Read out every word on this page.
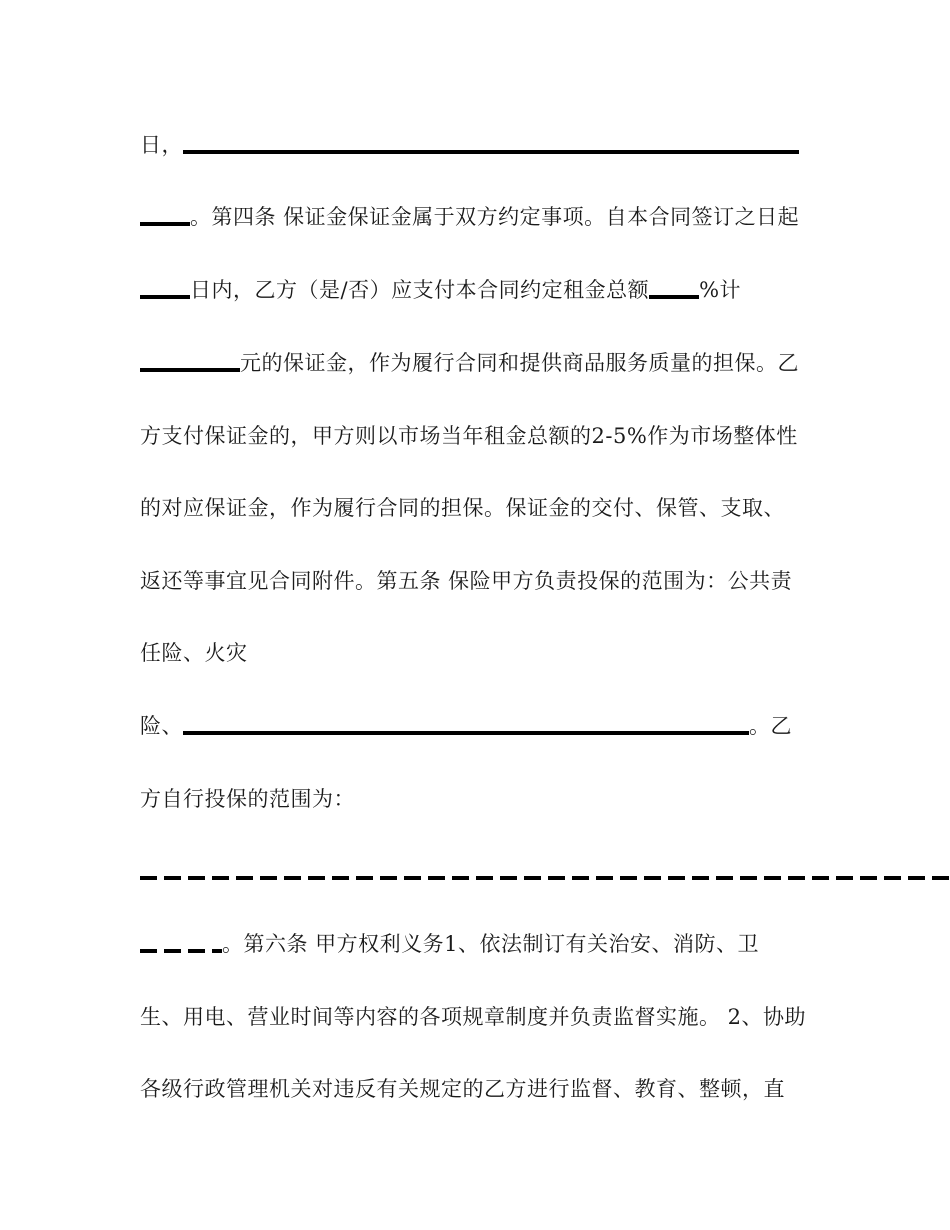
日，
。第四条 保证金保证金属于双方约定事项。自本合同签订之日起
日内，乙方（是/否）应支付本合同约定租金总额 %计
元的保证金，作为履行合同和提供商品服务质量的担保。乙
方支付保证金的，甲方则以市场当年租金总额的2-5%作为市场整体性
的对应保证金，作为履行合同的担保。保证金的交付、保管、支取、
返还等事宜见合同附件。第五条 保险甲方负责投保的范围为：公共责
任险、火灾
险、	。乙
方自行投保的范围为：
。第六条 甲方权利义务1、依法制订有关治安、消防、卫
生、用电、营业时间等内容的各项规章制度并负责监督实施。 2、协助
各级行政管理机关对违反有关规定的乙方进行监督、教育、整顿，直
